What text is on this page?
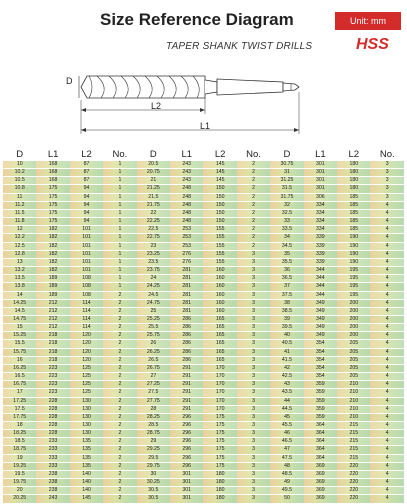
Size Reference Diagram	Unit: mm
TAPER SHANK TWIST DRILLS	HSS
D
L2
L1
D	L1	L2	No.	D	L1	L2	No.	D	L1	L2	No.
10	168	87	1	20.5	243	145	2	30.75	301	180	3
10.2	168	87	1	20.75	243	145	2	31	301	180	3
10.5	168	87	1	21	243	145	2	31.25	301	180	3
10.8	175	94	1	21.25	248	150	2	31.5	301	180	3
11	175	94	1	21.5	248	150	2	31.75	306	185	3
11.2	175	94	1	21.75	248	150	2	32	334	185	4
11.5	175	94	1	22	248	150	2	32.5	334	185	4
11.8	175	94	1	22.25	248	150	2	33	334	185	4
12	182	101	1	22.5	253	155	2	33.5	334	185	4
12.2	182	101	1	22.75	253	155	2	34	339	190	4
12.5	182	101	1	23	253	155	2	34.5	339	190	4
12.8	182	101	1	23.25	276	155	3	35	339	190	4
13	182	101	1	23.5	276	155	3	35.5	339	190	4
13.2	182	101	1	23.75	281	160	3	36	344	195	4
13.5	189	108	1	24	281	160	3	36.5	344	195	4
13.8	189	108	1	24.25	281	160	3	37	344	195	4
14	189	108	2	24.5	281	160	3	37.5	344	195	4
14.25	212	114	2	24.75	281	160	3	38	349	200	4
14.5	212	114	2	25	281	160	3	38.5	349	200	4
14.75	212	114	2	25.25	286	165	3	39	349	200	4
15	212	114	2	25.5	286	165	3	39.5	349	200	4
15.25	218	120	2	25.75	286	165	3	40	349	200	4
15.5	218	120	2	26	286	165	3	40.5	354	205	4
15.75	218	120	2	26.25	286	165	3	41	354	205	4
16	218	120	2	26.5	286	165	3	41.5	354	205	4
16.25	223	125	2	26.75	291	170	3	42	354	205	4
16.5	223	125	2	27	291	170	3	42.5	354	205	4
16.75	223	125	2	27.25	291	170	3	43	359	210	4
17	223	125	2	27.5	291	170	3	43.5	359	210	4
17.25	228	130	2	27.75	291	170	3	44	359	210	4
17.5	228	130	2	28	291	170	3	44.5	359	210	4
17.75	228	130	2	28.25	296	175	3	45	359	210	4
18	228	130	2	28.5	296	175	3	45.5	364	215	4
18.25	228	130	2	28.75	296	175	3	46	364	215	4
18.5	233	135	2	29	296	175	3	46.5	364	215	4
18.75	233	135	2	29.25	296	175	3	47	364	215	4
19	233	135	2	29.5	296	175	3	47.5	364	215	4
19.25	233	135	2	29.75	296	175	3	48	369	220	4
19.5	238	140	2	30	301	180	3	48.5	369	220	4
19.75	238	140	2	30.25	301	180	3	49	369	220	4
20	238	140	2	30.5	301	180	3	49.5	369	220	4
20.25	243	145	2	30.5	301	180	3	50	369	220	4
